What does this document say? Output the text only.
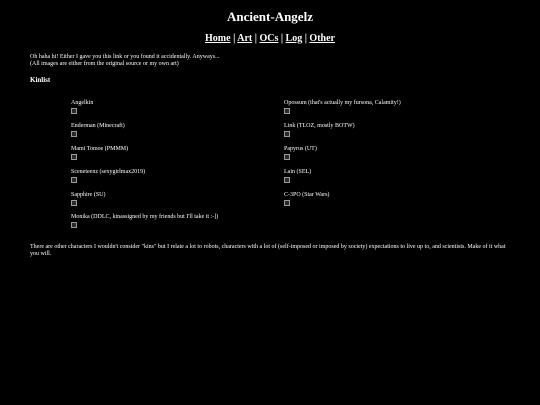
Ancient-Angelz
Home | Art | OCs | Log | Other
Oh haha hi! Either I gave you this link or you found it accidentally. Anyways...
(All images are either from the original source or my own art)
Kinlist
Angelkin
Enderman (Minecraft)
Mami Tomoe (PMMM)
Sceneteenz (sexygirlmax2019)
Sapphire (SU)
Monika (DDLC, kinassigned by my friends but I'll take it :-])
Opossum (that's actually my fursona, Calamity!)
Link (TLOZ, mostly BOTW)
Papyrus (UT)
Lain (SEL)
C-3PO (Star Wars)
There are other characters I wouldn't consider "kins" but I relate a lot to robots, characters with a lot of (self-imposed or imposed by society) expectations to live up to, and scientists. Make of it what you will.
